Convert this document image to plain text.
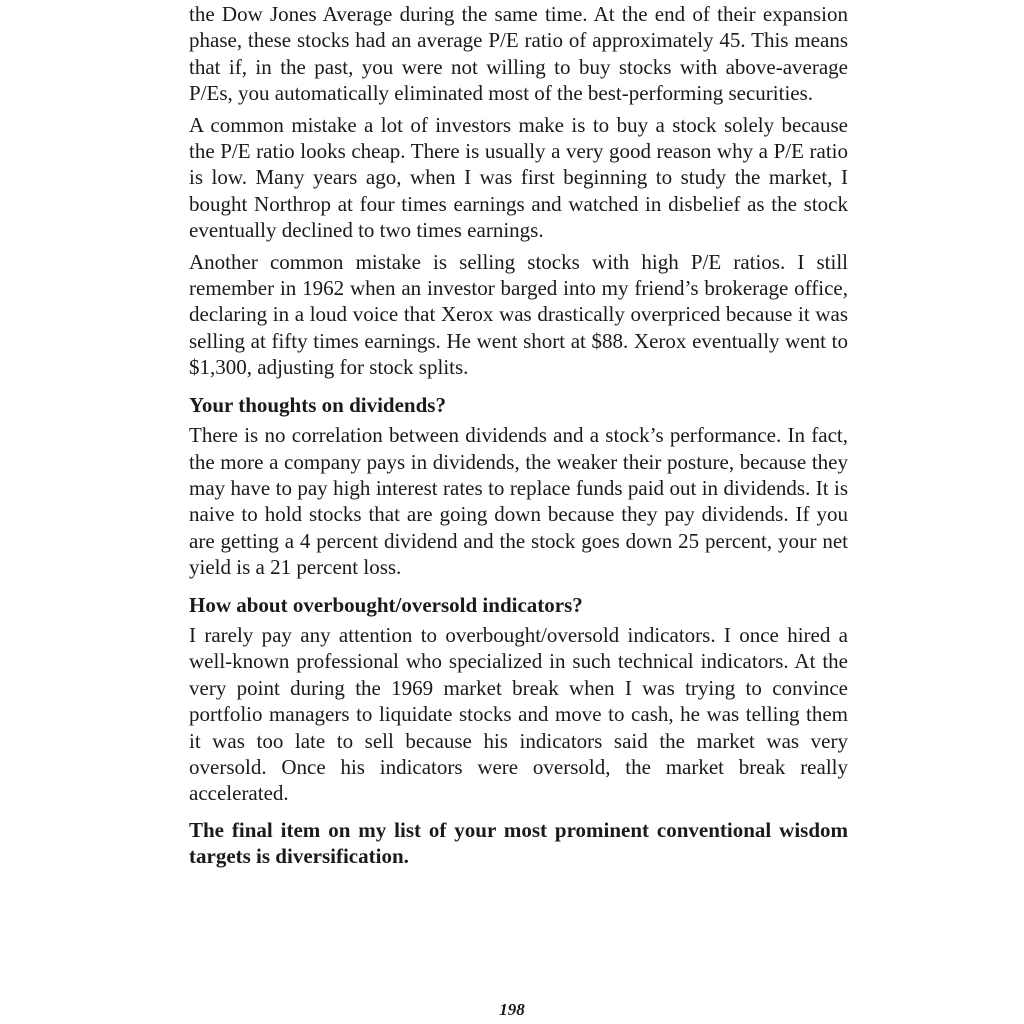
the Dow Jones Average during the same time. At the end of their expansion phase, these stocks had an average P/E ratio of approximately 45. This means that if, in the past, you were not willing to buy stocks with above-average P/Es, you automatically eliminated most of the best-performing securities.

A common mistake a lot of investors make is to buy a stock solely because the P/E ratio looks cheap. There is usually a very good reason why a P/E ratio is low. Many years ago, when I was first beginning to study the market, I bought Northrop at four times earnings and watched in disbelief as the stock eventually declined to two times earnings.

Another common mistake is selling stocks with high P/E ratios. I still remember in 1962 when an investor barged into my friend’s brokerage office, declaring in a loud voice that Xerox was drastically overpriced because it was selling at fifty times earnings. He went short at $88. Xerox eventually went to $1,300, adjusting for stock splits.

Your thoughts on dividends?

There is no correlation between dividends and a stock’s performance. In fact, the more a company pays in dividends, the weaker their posture, because they may have to pay high interest rates to replace funds paid out in dividends. It is naive to hold stocks that are going down because they pay dividends. If you are getting a 4 percent dividend and the stock goes down 25 percent, your net yield is a 21 percent loss.

How about overbought/oversold indicators?

I rarely pay any attention to overbought/oversold indicators. I once hired a well-known professional who specialized in such technical indicators. At the very point during the 1969 market break when I was trying to convince portfolio managers to liquidate stocks and move to cash, he was telling them it was too late to sell because his indicators said the market was very oversold. Once his indicators were oversold, the market break really accelerated.

The final item on my list of your most prominent conventional wisdom targets is diversification.

198
